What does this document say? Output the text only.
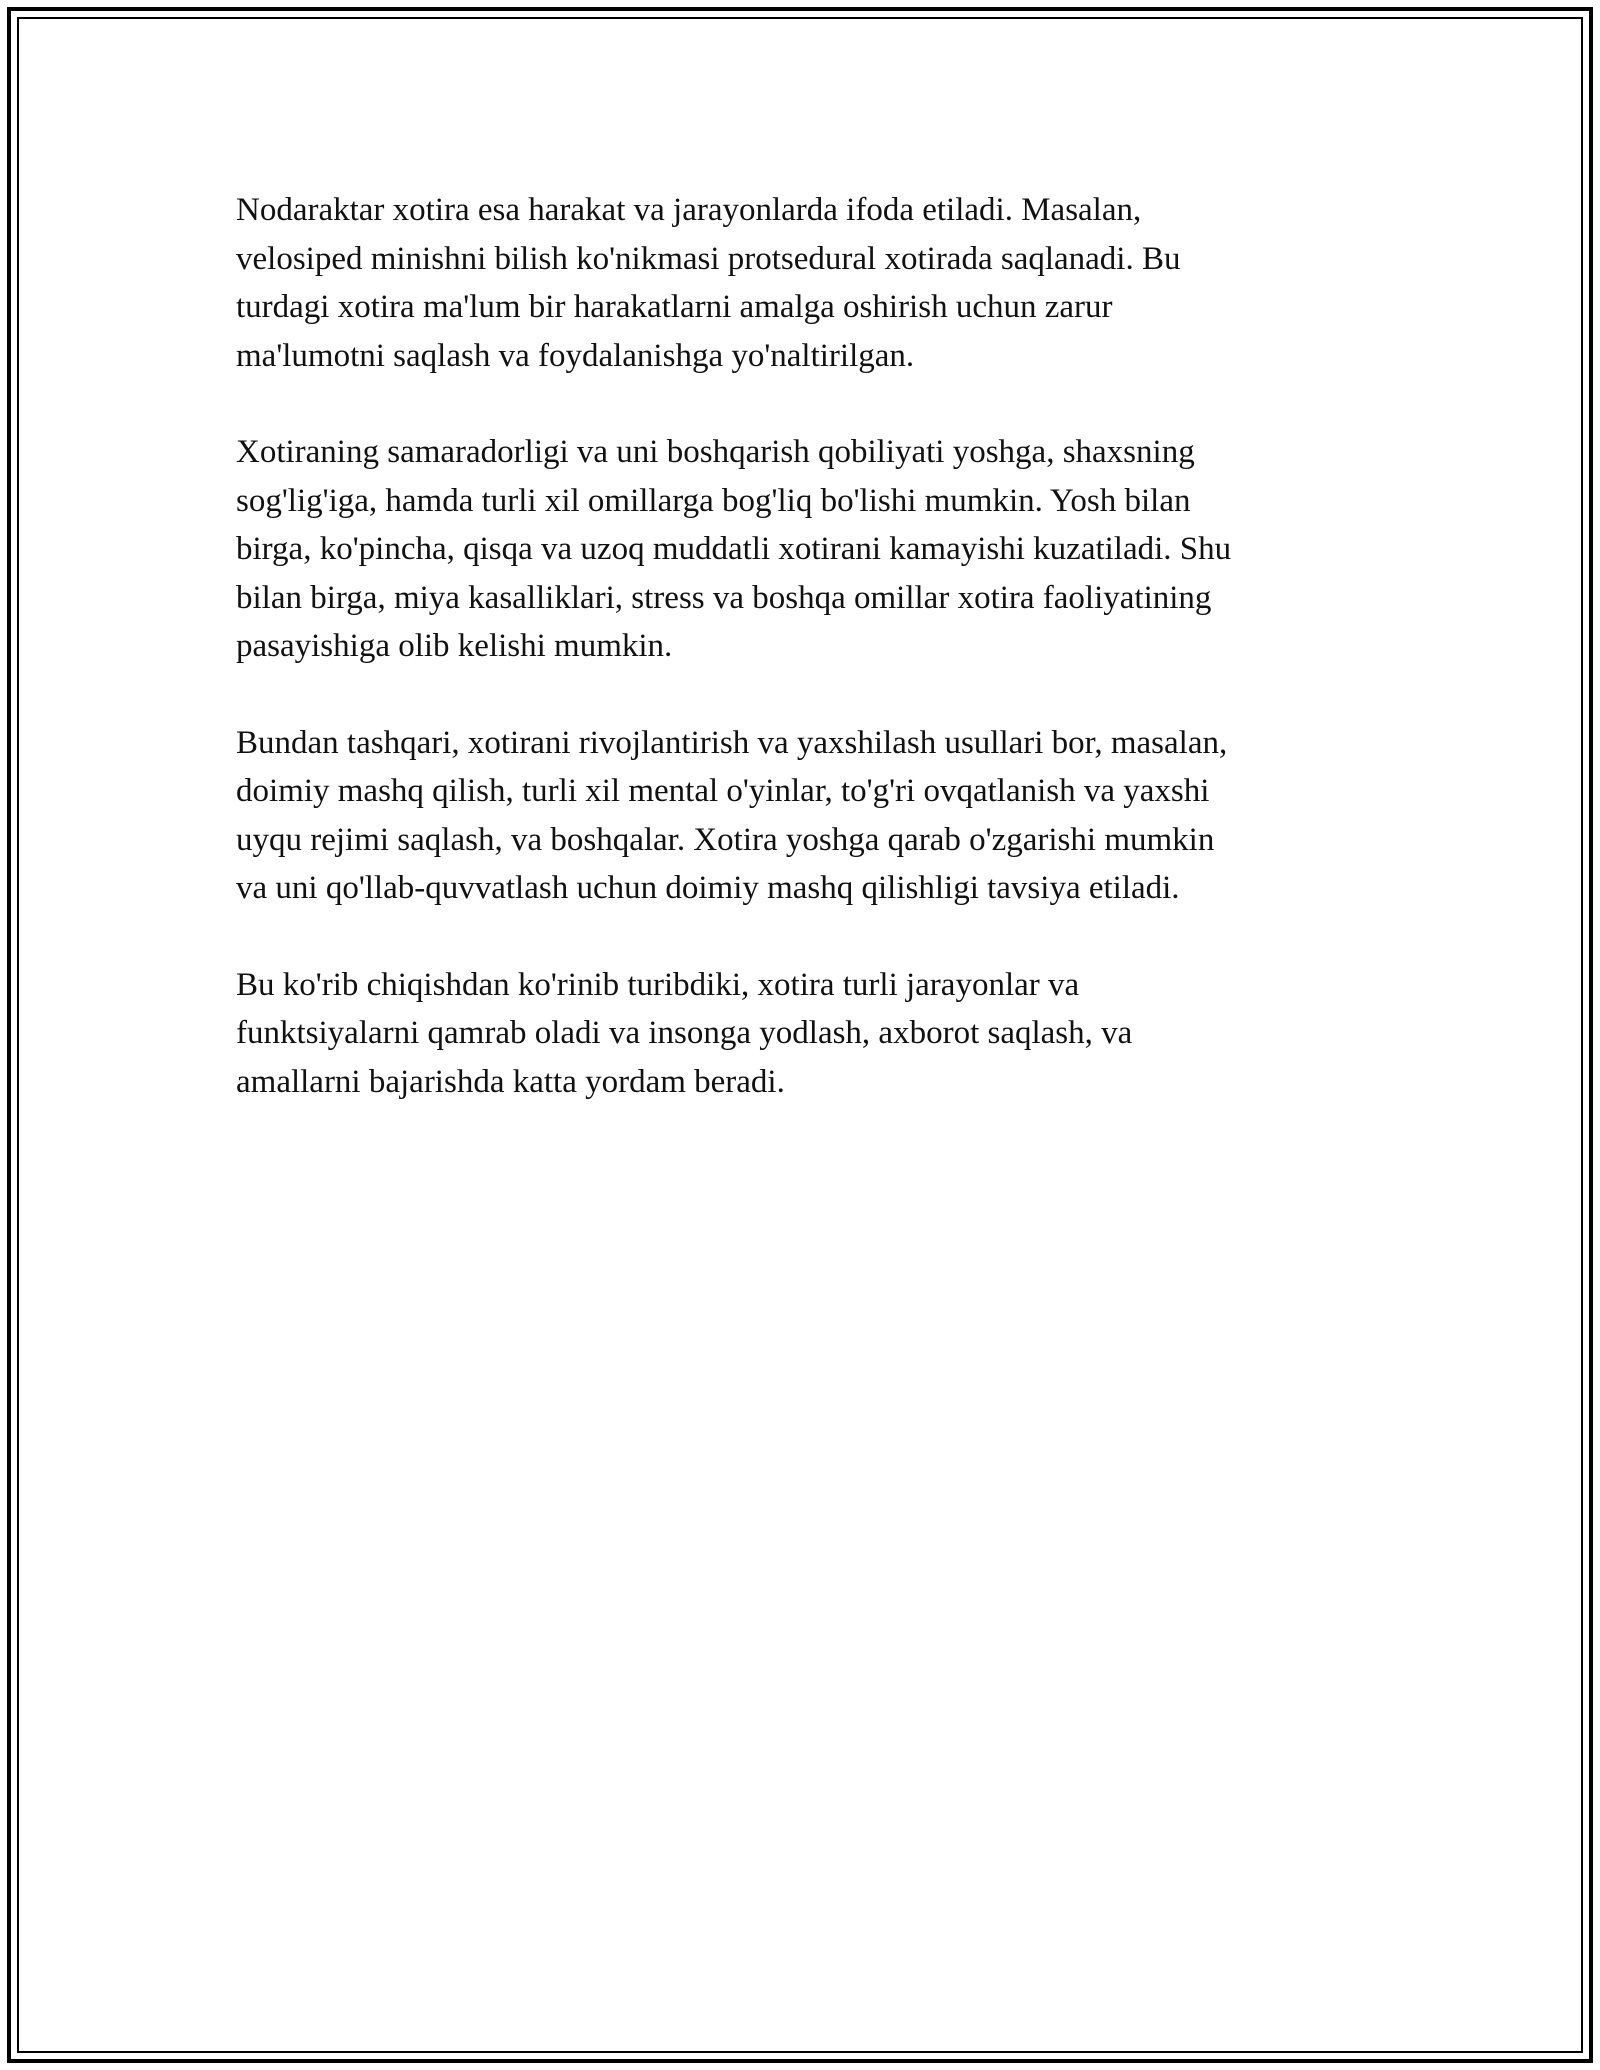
Nodaraktar xotira esa harakat va jarayonlarda ifoda etiladi. Masalan,
velosiped minishni bilish ko'nikmasi protsedural xotirada saqlanadi. Bu
turdagi xotira ma'lum bir harakatlarni amalga oshirish uchun zarur
ma'lumotni saqlash va foydalanishga yo'naltirilgan.

Xotiraning samaradorligi va uni boshqarish qobiliyati yoshga, shaxsning
sog'lig'iga, hamda turli xil omillarga bog'liq bo'lishi mumkin. Yosh bilan
birga, ko'pincha, qisqa va uzoq muddatli xotirani kamayishi kuzatiladi. Shu
bilan birga, miya kasalliklari, stress va boshqa omillar xotira faoliyatining
pasayishiga olib kelishi mumkin.

Bundan tashqari, xotirani rivojlantirish va yaxshilash usullari bor, masalan,
doimiy mashq qilish, turli xil mental o'yinlar, to'g'ri ovqatlanish va yaxshi
uyqu rejimi saqlash, va boshqalar. Xotira yoshga qarab o'zgarishi mumkin
va uni qo'llab-quvvatlash uchun doimiy mashq qilishligi tavsiya etiladi.

Bu ko'rib chiqishdan ko'rinib turibdiki, xotira turli jarayonlar va
funktsiyalarni qamrab oladi va insonga yodlash, axborot saqlash, va
amallarni bajarishda katta yordam beradi.
